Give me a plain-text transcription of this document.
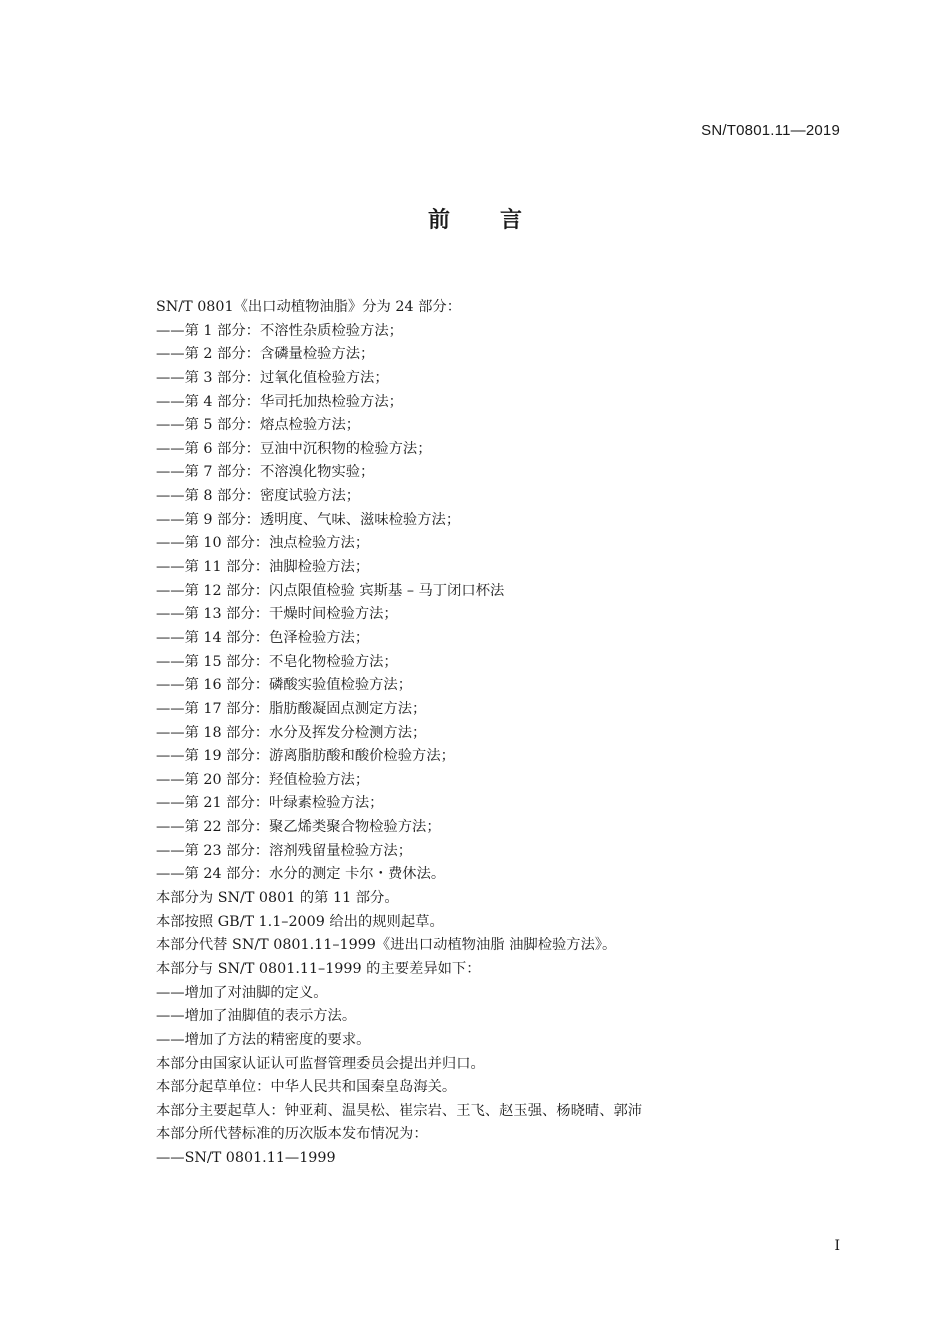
SN/T0801.11—2019
前言
SN/T 0801《出口动植物油脂》分为 24 部分：
——第 1 部分：不溶性杂质检验方法；
——第 2 部分：含磷量检验方法；
——第 3 部分：过氧化值检验方法；
——第 4 部分：华司托加热检验方法；
——第 5 部分：熔点检验方法；
——第 6 部分：豆油中沉积物的检验方法；
——第 7 部分：不溶溴化物实验；
——第 8 部分：密度试验方法；
——第 9 部分：透明度、气味、滋味检验方法；
——第 10 部分：浊点检验方法；
——第 11 部分：油脚检验方法；
——第 12 部分：闪点限值检验 宾斯基 – 马丁闭口杯法
——第 13 部分：干燥时间检验方法；
——第 14 部分：色泽检验方法；
——第 15 部分：不皂化物检验方法；
——第 16 部分：磷酸实验值检验方法；
——第 17 部分：脂肪酸凝固点测定方法；
——第 18 部分：水分及挥发分检测方法；
——第 19 部分：游离脂肪酸和酸价检验方法；
——第 20 部分：羟值检验方法；
——第 21 部分：叶绿素检验方法；
——第 22 部分：聚乙烯类聚合物检验方法；
——第 23 部分：溶剂残留量检验方法；
——第 24 部分：水分的测定 卡尔・费休法。
本部分为 SN/T 0801 的第 11 部分。
本部按照 GB/T 1.1–2009 给出的规则起草。
本部分代替 SN/T 0801.11–1999《进出口动植物油脂 油脚检验方法》。
本部分与 SN/T 0801.11–1999 的主要差异如下：
——增加了对油脚的定义。
——增加了油脚值的表示方法。
——增加了方法的精密度的要求。
本部分由国家认证认可监督管理委员会提出并归口。
本部分起草单位：中华人民共和国秦皇岛海关。
本部分主要起草人：钟亚莉、温昊松、崔宗岩、王飞、赵玉强、杨晓晴、郭沛
本部分所代替标准的历次版本发布情况为：
——SN/T 0801.11—1999
I
